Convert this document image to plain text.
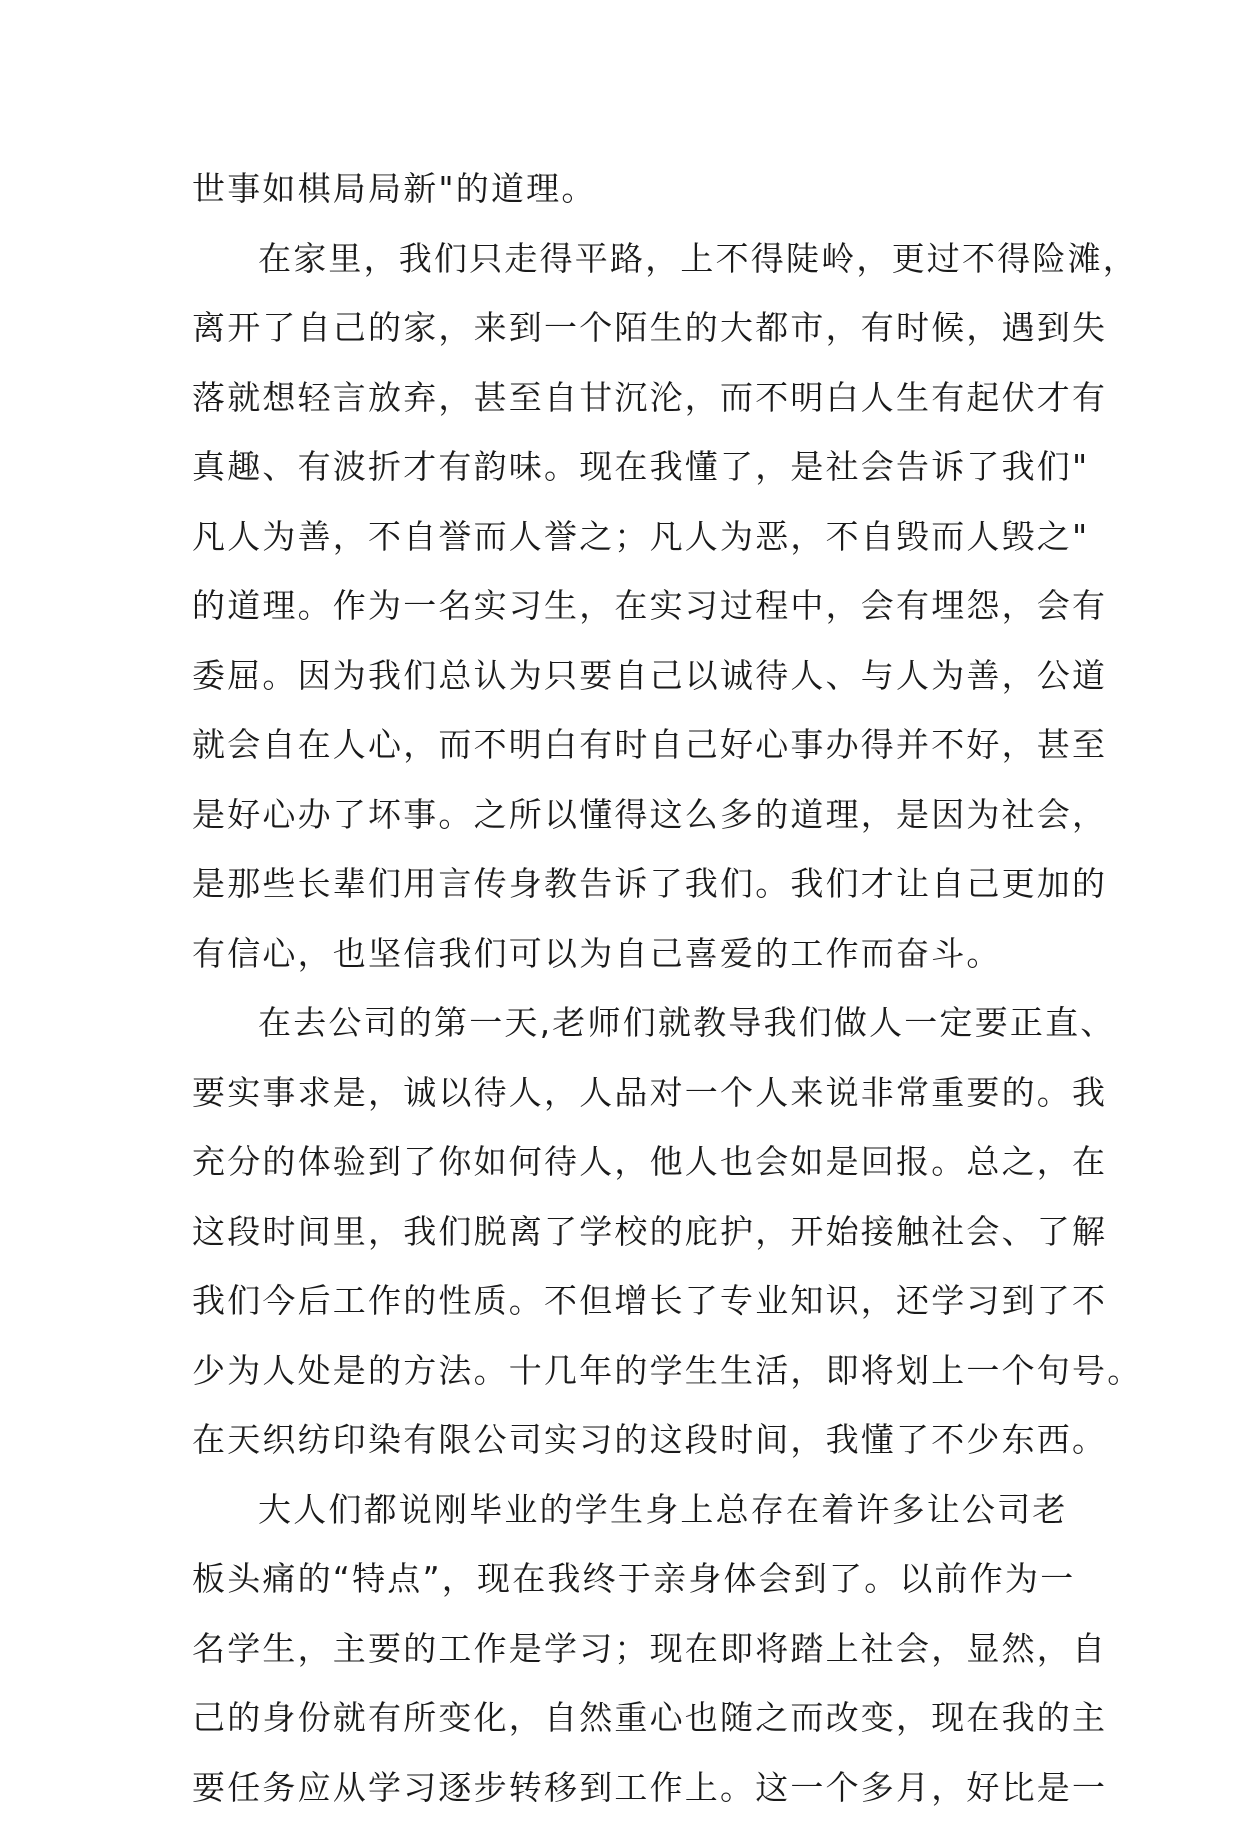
世事如棋局局新"的道理。
在家里，我们只走得平路，上不得陡岭，更过不得险滩，
离开了自己的家，来到一个陌生的大都市，有时候，遇到失
落就想轻言放弃，甚至自甘沉沦，而不明白人生有起伏才有
真趣、有波折才有韵味。现在我懂了，是社会告诉了我们"
凡人为善，不自誉而人誉之；凡人为恶，不自毁而人毁之"
的道理。作为一名实习生，在实习过程中，会有埋怨，会有
委屈。因为我们总认为只要自己以诚待人、与人为善，公道
就会自在人心，而不明白有时自己好心事办得并不好，甚至
是好心办了坏事。之所以懂得这么多的道理，是因为社会，
是那些长辈们用言传身教告诉了我们。我们才让自己更加的
有信心，也坚信我们可以为自己喜爱的工作而奋斗。
在去公司的第一天,老师们就教导我们做人一定要正直、
要实事求是，诚以待人，人品对一个人来说非常重要的。我
充分的体验到了你如何待人，他人也会如是回报。总之，在
这段时间里，我们脱离了学校的庇护，开始接触社会、了解
我们今后工作的性质。不但增长了专业知识，还学习到了不
少为人处是的方法。十几年的学生生活，即将划上一个句号。
在天织纺印染有限公司实习的这段时间，我懂了不少东西。
大人们都说刚毕业的学生身上总存在着许多让公司老
板头痛的“特点”，现在我终于亲身体会到了。以前作为一
名学生，主要的工作是学习；现在即将踏上社会，显然，自
己的身份就有所变化，自然重心也随之而改变，现在我的主
要任务应从学习逐步转移到工作上。这一个多月，好比是一
